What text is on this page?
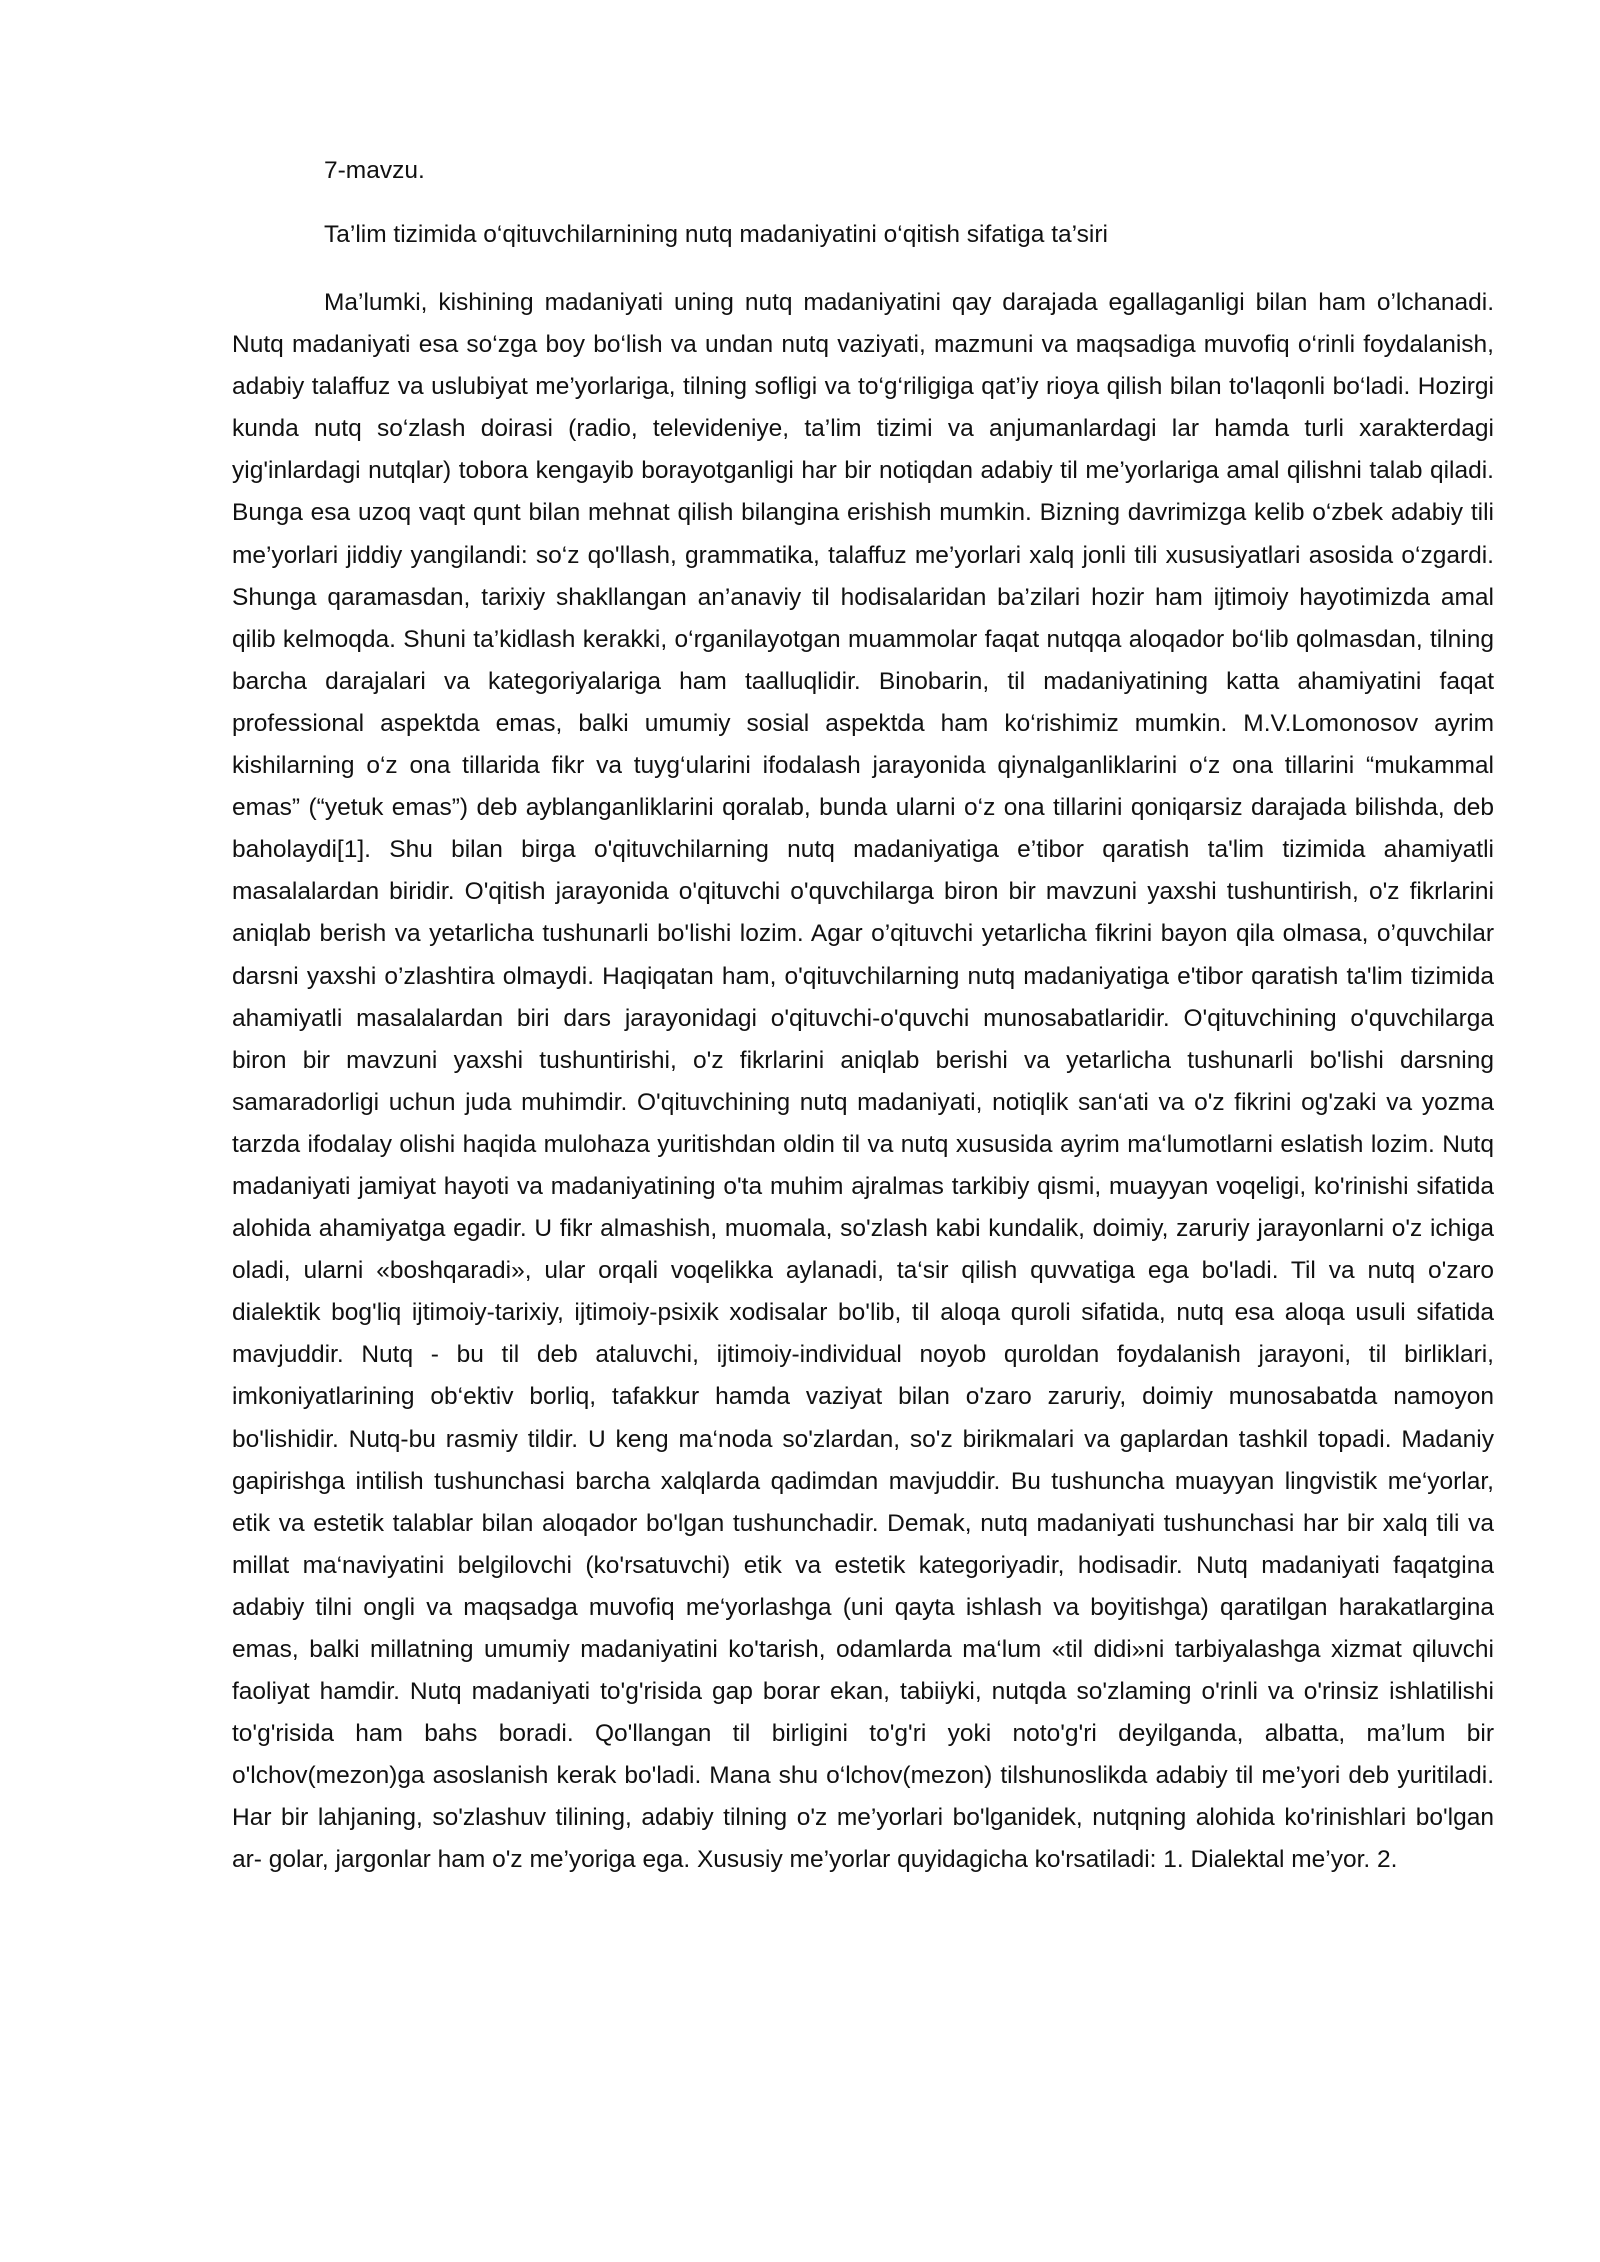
7-mavzu.

Ta’lim tizimida o‘qituvchilarnining nutq madaniyatini o‘qitish sifatiga ta’siri

Ma’lumki, kishining madaniyati uning nutq madaniyatini qay darajada egallaganligi bilan ham o’lchanadi. Nutq madaniyati esa so‘zga boy bo‘lish va undan nutq vaziyati, mazmuni va maqsadiga muvofiq o‘rinli foydalanish, adabiy talaffuz va uslubiyat me’yorlariga, tilning sofligi va to‘g‘riligiga qat’iy rioya qilish bilan to'laqonli bo‘ladi. Hozirgi kunda nutq so‘zlash doirasi (radio, televideniye, ta’lim tizimi va anjumanlardagi lar hamda turli xarakterdagi yig'inlardagi nutqlar) tobora kengayib borayotganligi har bir notiqdan adabiy til me’yorlariga amal qilishni talab qiladi. Bunga esa uzoq vaqt qunt bilan mehnat qilish bilangina erishish mumkin. Bizning davrimizga kelib o‘zbek adabiy tili me’yorlari jiddiy yangilandi: so‘z qo'llash, grammatika, talaffuz me’yorlari xalq jonli tili xususiyatlari asosida o‘zgardi. Shunga qaramasdan, tarixiy shakllangan an’anaviy til hodisalaridan ba’zilari hozir ham ijtimoiy hayotimizda amal qilib kelmoqda. Shuni ta’kidlash kerakki, o‘rganilayotgan muammolar faqat nutqqa aloqador bo‘lib qolmasdan, tilning barcha darajalari va kategoriyalariga ham taalluqlidir. Binobarin, til madaniyatining katta ahamiyatini faqat professional aspektda emas, balki umumiy sosial aspektda ham ko‘rishimiz mumkin. M.V.Lomonosov ayrim kishilarning o‘z ona tillarida fikr va tuyg‘ularini ifodalash jarayonida qiynalganliklarini o‘z ona tillarini “mukammal emas” (“yetuk emas”) deb ayblanganliklarini qoralab, bunda ularni o‘z ona tillarini qoniqarsiz darajada bilishda, deb baholaydi[1]. Shu bilan birga o'qituvchilarning nutq madaniyatiga e’tibor qaratish ta'lim tizimida ahamiyatli masalalardan biridir. O'qitish jarayonida o'qituvchi o'quvchilarga biron bir mavzuni yaxshi tushuntirish, o'z fikrlarini aniqlab berish va yetarlicha tushunarli bo'lishi lozim. Agar o’qituvchi yetarlicha fikrini bayon qila olmasa, o’quvchilar darsni yaxshi o’zlashtira olmaydi. Haqiqatan ham, o'qituvchilarning nutq madaniyatiga e'tibor qaratish ta'lim tizimida ahamiyatli masalalardan biri dars jarayonidagi o'qituvchi-o'quvchi munosabatlaridir. O'qituvchining o'quvchilarga biron bir mavzuni yaxshi tushuntirishi, o'z fikrlarini aniqlab berishi va yetarlicha tushunarli bo'lishi darsning samaradorligi uchun juda muhimdir. O'qituvchining nutq madaniyati, notiqlik san‘ati va o'z fikrini og'zaki va yozma tarzda ifodalay olishi haqida mulohaza yuritishdan oldin til va nutq xususida ayrim ma‘lumotlarni eslatish lozim. Nutq madaniyati jamiyat hayoti va madaniyatining o'ta muhim ajralmas tarkibiy qismi, muayyan voqeligi, ko'rinishi sifatida alohida ahamiyatga egadir. U fikr almashish, muomala, so'zlash kabi kundalik, doimiy, zaruriy jarayonlarni o'z ichiga oladi, ularni «boshqaradi», ular orqali voqelikka aylanadi, ta‘sir qilish quvvatiga ega bo'ladi. Til va nutq o'zaro dialektik bog'liq ijtimoiy-tarixiy, ijtimoiy-psixik xodisalar bo'lib, til aloqa quroli sifatida, nutq esa aloqa usuli sifatida mavjuddir. Nutq - bu til deb ataluvchi, ijtimoiy-individual noyob quroldan foydalanish jarayoni, til birliklari, imkoniyatlarining ob‘ektiv borliq, tafakkur hamda vaziyat bilan o'zaro zaruriy, doimiy munosabatda namoyon bo'lishidir. Nutq-bu rasmiy tildir. U keng ma‘noda so'zlardan, so'z birikmalari va gaplardan tashkil topadi. Madaniy gapirishga intilish tushunchasi barcha xalqlarda qadimdan mavjuddir. Bu tushuncha muayyan lingvistik me‘yorlar, etik va estetik talablar bilan aloqador bo'lgan tushunchadir. Demak, nutq madaniyati tushunchasi har bir xalq tili va millat ma‘naviyatini belgilovchi (ko'rsatuvchi) etik va estetik kategoriyadir, hodisadir. Nutq madaniyati faqatgina adabiy tilni ongli va maqsadga muvofiq me‘yorlashga (uni qayta ishlash va boyitishga) qaratilgan harakatlargina emas, balki millatning umumiy madaniyatini ko'tarish, odamlarda ma‘lum «til didi»ni tarbiyalashga xizmat qiluvchi faoliyat hamdir. Nutq madaniyati to'g'risida gap borar ekan, tabiiyki, nutqda so'zlaming o'rinli va o'rinsiz ishlatilishi to'g'risida ham bahs boradi. Qo'llangan til birligini to'g'ri yoki noto'g'ri deyilganda, albatta, ma’lum bir o'lchov(mezon)ga asoslanish kerak bo'ladi. Mana shu o‘lchov(mezon) tilshunoslikda adabiy til me’yori deb yuritiladi. Har bir lahjaning, so'zlashuv tilining, adabiy tilning o'z me’yorlari bo'lganidek, nutqning alohida ko'rinishlari bo'lgan ar- golar, jargonlar ham o'z me’yoriga ega. Xususiy me’yorlar quyidagicha ko'rsatiladi: 1. Dialektal me’yor. 2.
